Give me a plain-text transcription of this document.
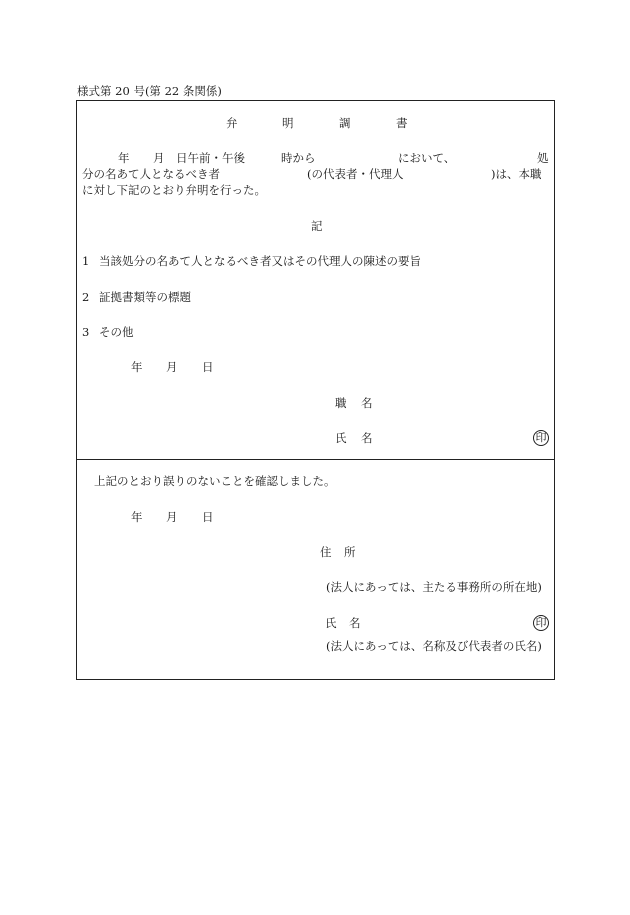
様式第 20 号(第 22 条関係)
弁	明	調	書
年 月 日午前・午後	時から	において、	処
分の名あて人となるべき者	(の代表者・代理人	)は、本職
に対し下記のとおり弁明を行った。
記
1 当該処分の名あて人となるべき者又はその代理人の陳述の要旨
2 証拠書類等の標題
3 その他
年 月 日
職 名
氏 名	印
上記のとおり誤りのないことを確認しました。
年 月 日
住 所
(法人にあっては、主たる事務所の所在地)
氏 名	印
(法人にあっては、名称及び代表者の氏名)
